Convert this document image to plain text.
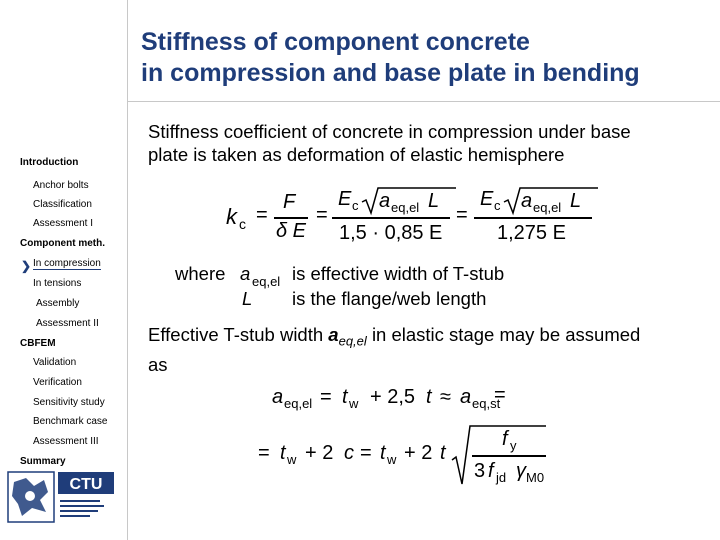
Stiffness of component concrete
in compression and base plate in bending
Introduction
Anchor bolts
Classification
Assessment I
Component meth.
❯ In compression
In tensions
Assembly
Assessment II
CBFEM
Validation
Verification
Sensitivity study
Benchmark case
Assessment III
Summary
CTU
Stiffness coefficient of concrete in compression under base
plate is taken as deformation of elastic hemisphere
k c =
F
δ E
=
E c a eq,el L
1,5 · 0,85 E
=
E c a eq,el L
1,275 E
where a eq,el is effective width of T-stub
L is the flange/web length
Effective T-stub width $a_{eq,el}$ in elastic stage may be assumed
as
a eq,el = t w + 2,5 t ≈ a eq,st
=
= t w + 2 c = t w + 2 t
f y
3 f jd γ M0
